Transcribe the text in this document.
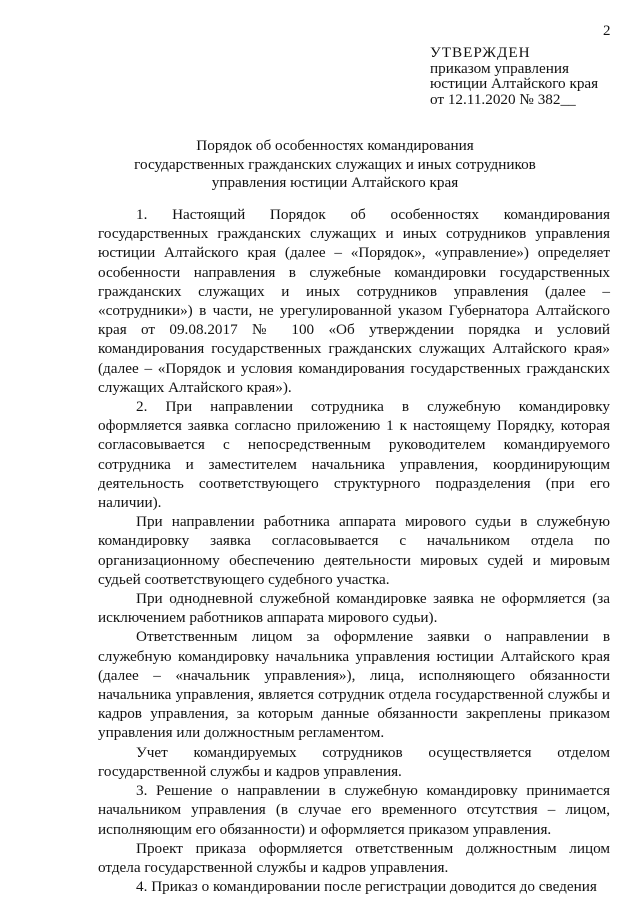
2
УТВЕРЖДЕН
приказом управления
юстиции Алтайского края
от 12.11.2020 № 382__
Порядок об особенностях командирования
государственных гражданских служащих и иных сотрудников
управления юстиции Алтайского края

1. Настоящий Порядок об особенностях командирования государственных гражданских служащих и иных сотрудников управления юстиции Алтайского края (далее – «Порядок», «управление») определяет особенности направления в служебные командировки государственных гражданских служащих и иных сотрудников управления (далее – «сотрудники») в части, не урегулированной указом Губернатора Алтайского края от 09.08.2017 № 100 «Об утверждении порядка и условий командирования государственных гражданских служащих Алтайского края» (далее – «Порядок и условия командирования государственных гражданских служащих Алтайского края»).

2. При направлении сотрудника в служебную командировку оформляется заявка согласно приложению 1 к настоящему Порядку, которая согласовывается с непосредственным руководителем командируемого сотрудника и заместителем начальника управления, координирующим деятельность соответствующего структурного подразделения (при его наличии).

При направлении работника аппарата мирового судьи в служебную командировку заявка согласовывается с начальником отдела по организационному обеспечению деятельности мировых судей и мировым судьей соответствующего судебного участка.

При однодневной служебной командировке заявка не оформляется (за исключением работников аппарата мирового судьи).

Ответственным лицом за оформление заявки о направлении в служебную командировку начальника управления юстиции Алтайского края (далее – «начальник управления»), лица, исполняющего обязанности начальника управления, является сотрудник отдела государственной службы и кадров управления, за которым данные обязанности закреплены приказом управления или должностным регламентом.

Учет командируемых сотрудников осуществляется отделом государственной службы и кадров управления.

3. Решение о направлении в служебную командировку принимается начальником управления (в случае его временного отсутствия – лицом, исполняющим его обязанности) и оформляется приказом управления.

Проект приказа оформляется ответственным должностным лицом отдела государственной службы и кадров управления.

4. Приказ о командировании после регистрации доводится до сведения
